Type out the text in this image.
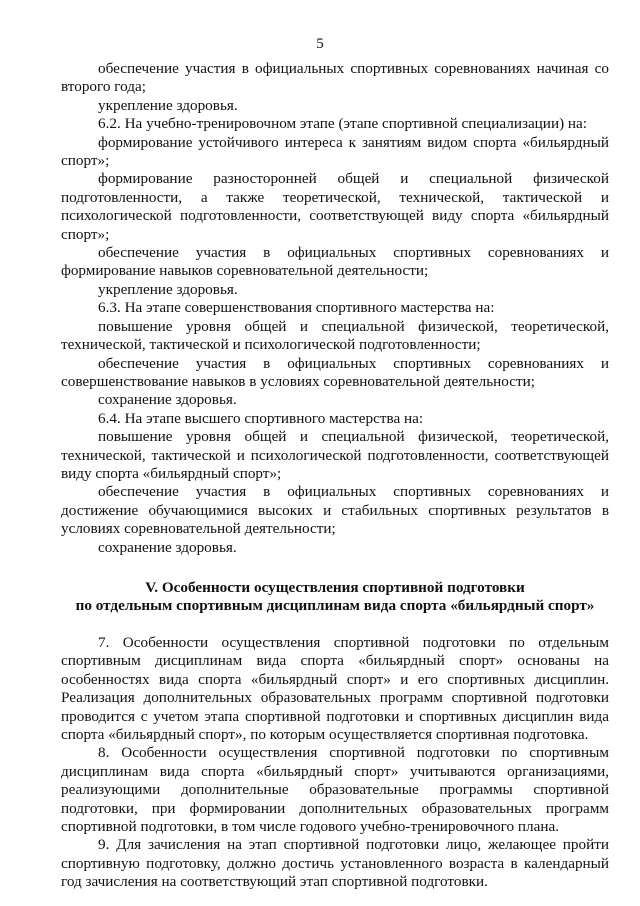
5

обеспечение участия в официальных спортивных соревнованиях начиная со второго года;

укрепление здоровья.

6.2. На учебно-тренировочном этапе (этапе спортивной специализации) на:

формирование устойчивого интереса к занятиям видом спорта «бильярдный спорт»;

формирование разносторонней общей и специальной физической подготовленности, а также теоретической, технической, тактической и психологической подготовленности, соответствующей виду спорта «бильярдный спорт»;

обеспечение участия в официальных спортивных соревнованиях и формирование навыков соревновательной деятельности;

укрепление здоровья.

6.3. На этапе совершенствования спортивного мастерства на:

повышение уровня общей и специальной физической, теоретической, технической, тактической и психологической подготовленности;

обеспечение участия в официальных спортивных соревнованиях и совершенствование навыков в условиях соревновательной деятельности;

сохранение здоровья.

6.4. На этапе высшего спортивного мастерства на:

повышение уровня общей и специальной физической, теоретической, технической, тактической и психологической подготовленности, соответствующей виду спорта «бильярдный спорт»;

обеспечение участия в официальных спортивных соревнованиях и достижение обучающимися высоких и стабильных спортивных результатов в условиях соревновательной деятельности;

сохранение здоровья.

V. Особенности осуществления спортивной подготовки
по отдельным спортивным дисциплинам вида спорта «бильярдный спорт»

7. Особенности осуществления спортивной подготовки по отдельным спортивным дисциплинам вида спорта «бильярдный спорт» основаны на особенностях вида спорта «бильярдный спорт» и его спортивных дисциплин. Реализация дополнительных образовательных программ спортивной подготовки проводится с учетом этапа спортивной подготовки и спортивных дисциплин вида спорта «бильярдный спорт», по которым осуществляется спортивная подготовка.

8. Особенности осуществления спортивной подготовки по спортивным дисциплинам вида спорта «бильярдный спорт» учитываются организациями, реализующими дополнительные образовательные программы спортивной подготовки, при формировании дополнительных образовательных программ спортивной подготовки, в том числе годового учебно-тренировочного плана.

9. Для зачисления на этап спортивной подготовки лицо, желающее пройти спортивную подготовку, должно достичь установленного возраста в календарный год зачисления на соответствующий этап спортивной подготовки.
